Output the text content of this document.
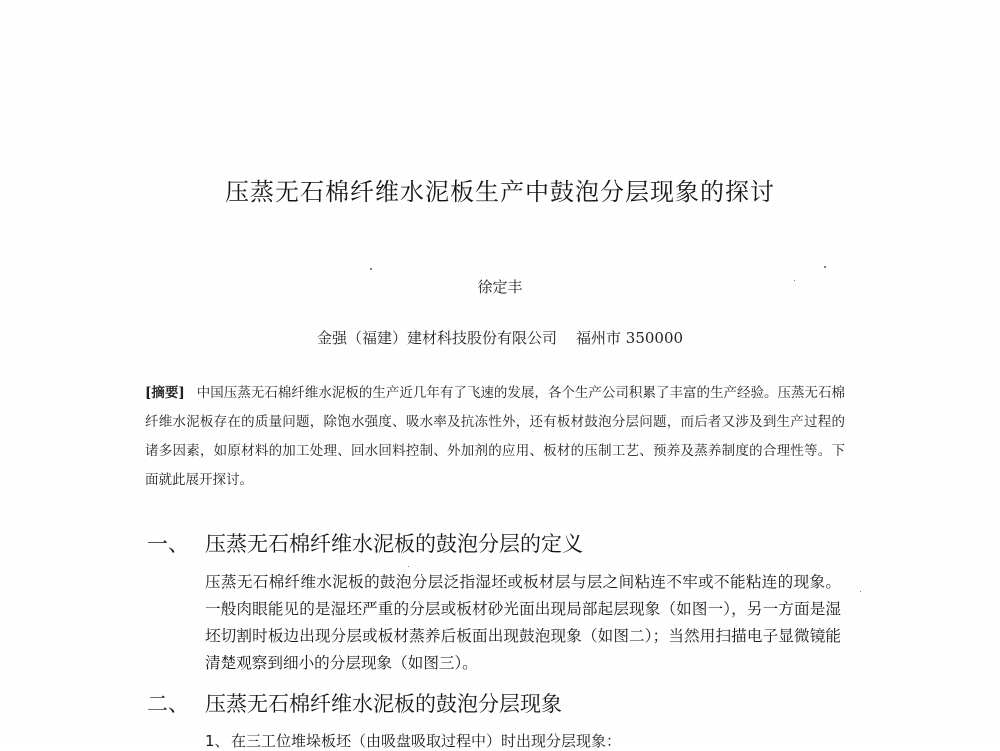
压蒸无石棉纤维水泥板生产中鼓泡分层现象的探讨
徐定丰
金强（福建）建材科技股份有限公司 福州市 350000
[摘要] 中国压蒸无石棉纤维水泥板的生产近几年有了飞速的发展，各个生产公司积累了丰富的生产经验。压蒸无石棉纤维水泥板存在的质量问题，除饱水强度、吸水率及抗冻性外，还有板材鼓泡分层问题，而后者又涉及到生产过程的诸多因素，如原材料的加工处理、回水回料控制、外加剂的应用、板材的压制工艺、预养及蒸养制度的合理性等。下面就此展开探讨。
一、 压蒸无石棉纤维水泥板的鼓泡分层的定义
压蒸无石棉纤维水泥板的鼓泡分层泛指湿坯或板材层与层之间粘连不牢或不能粘连的现象。一般肉眼能见的是湿坯严重的分层或板材砂光面出现局部起层现象（如图一），另一方面是湿坯切割时板边出现分层或板材蒸养后板面出现鼓泡现象（如图二）；当然用扫描电子显微镜能清楚观察到细小的分层现象（如图三）。
二、 压蒸无石棉纤维水泥板的鼓泡分层现象
1、在三工位堆垛板坯（由吸盘吸取过程中）时出现分层现象：
